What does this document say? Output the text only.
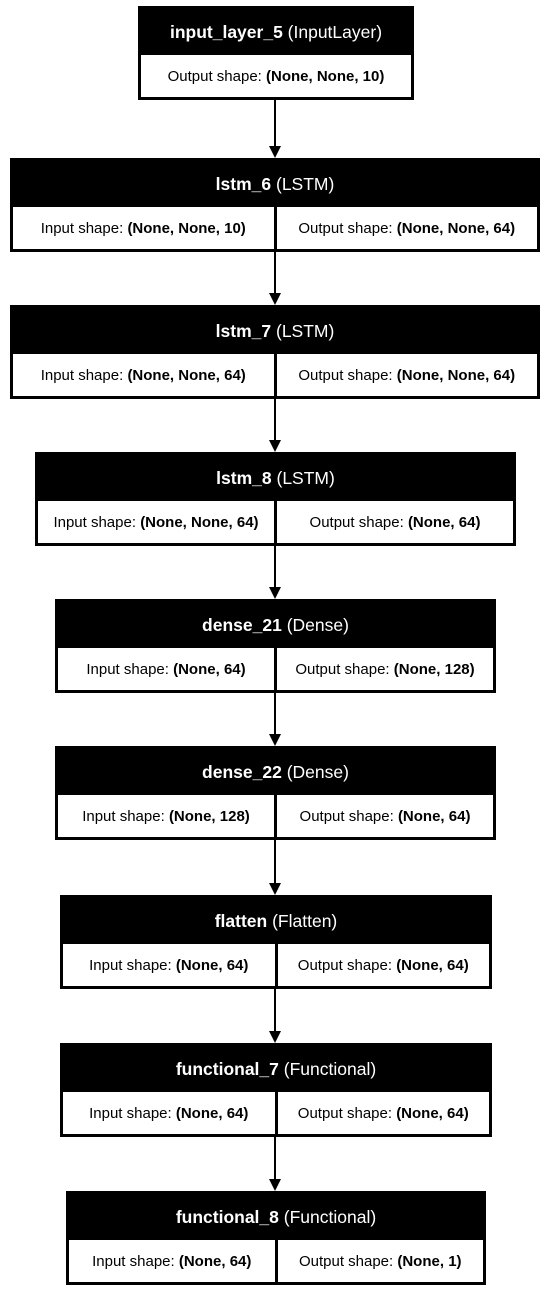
input_layer_5
(InputLayer)
Output shape:
(None, None, 10)
lstm_6
(LSTM)
Input shape:
(None, None, 10)	Output shape:
(None, None, 64)
lstm_7
(LSTM)
Input shape:
(None, None, 64)	Output shape:
(None, None, 64)
lstm_8
(LSTM)
Input shape:
(None, None, 64)	Output shape:
(None, 64)
dense_21
(Dense)
Input shape:
(None, 64)	Output shape:
(None, 128)
dense_22
(Dense)
Input shape:
(None, 128)	Output shape:
(None, 64)
flatten
(Flatten)
Input shape:
(None, 64)	Output shape:
(None, 64)
functional_7
(Functional)
Input shape:
(None, 64)	Output shape:
(None, 64)
functional_8
(Functional)
Input shape:
(None, 64)	Output shape:
(None, 1)
